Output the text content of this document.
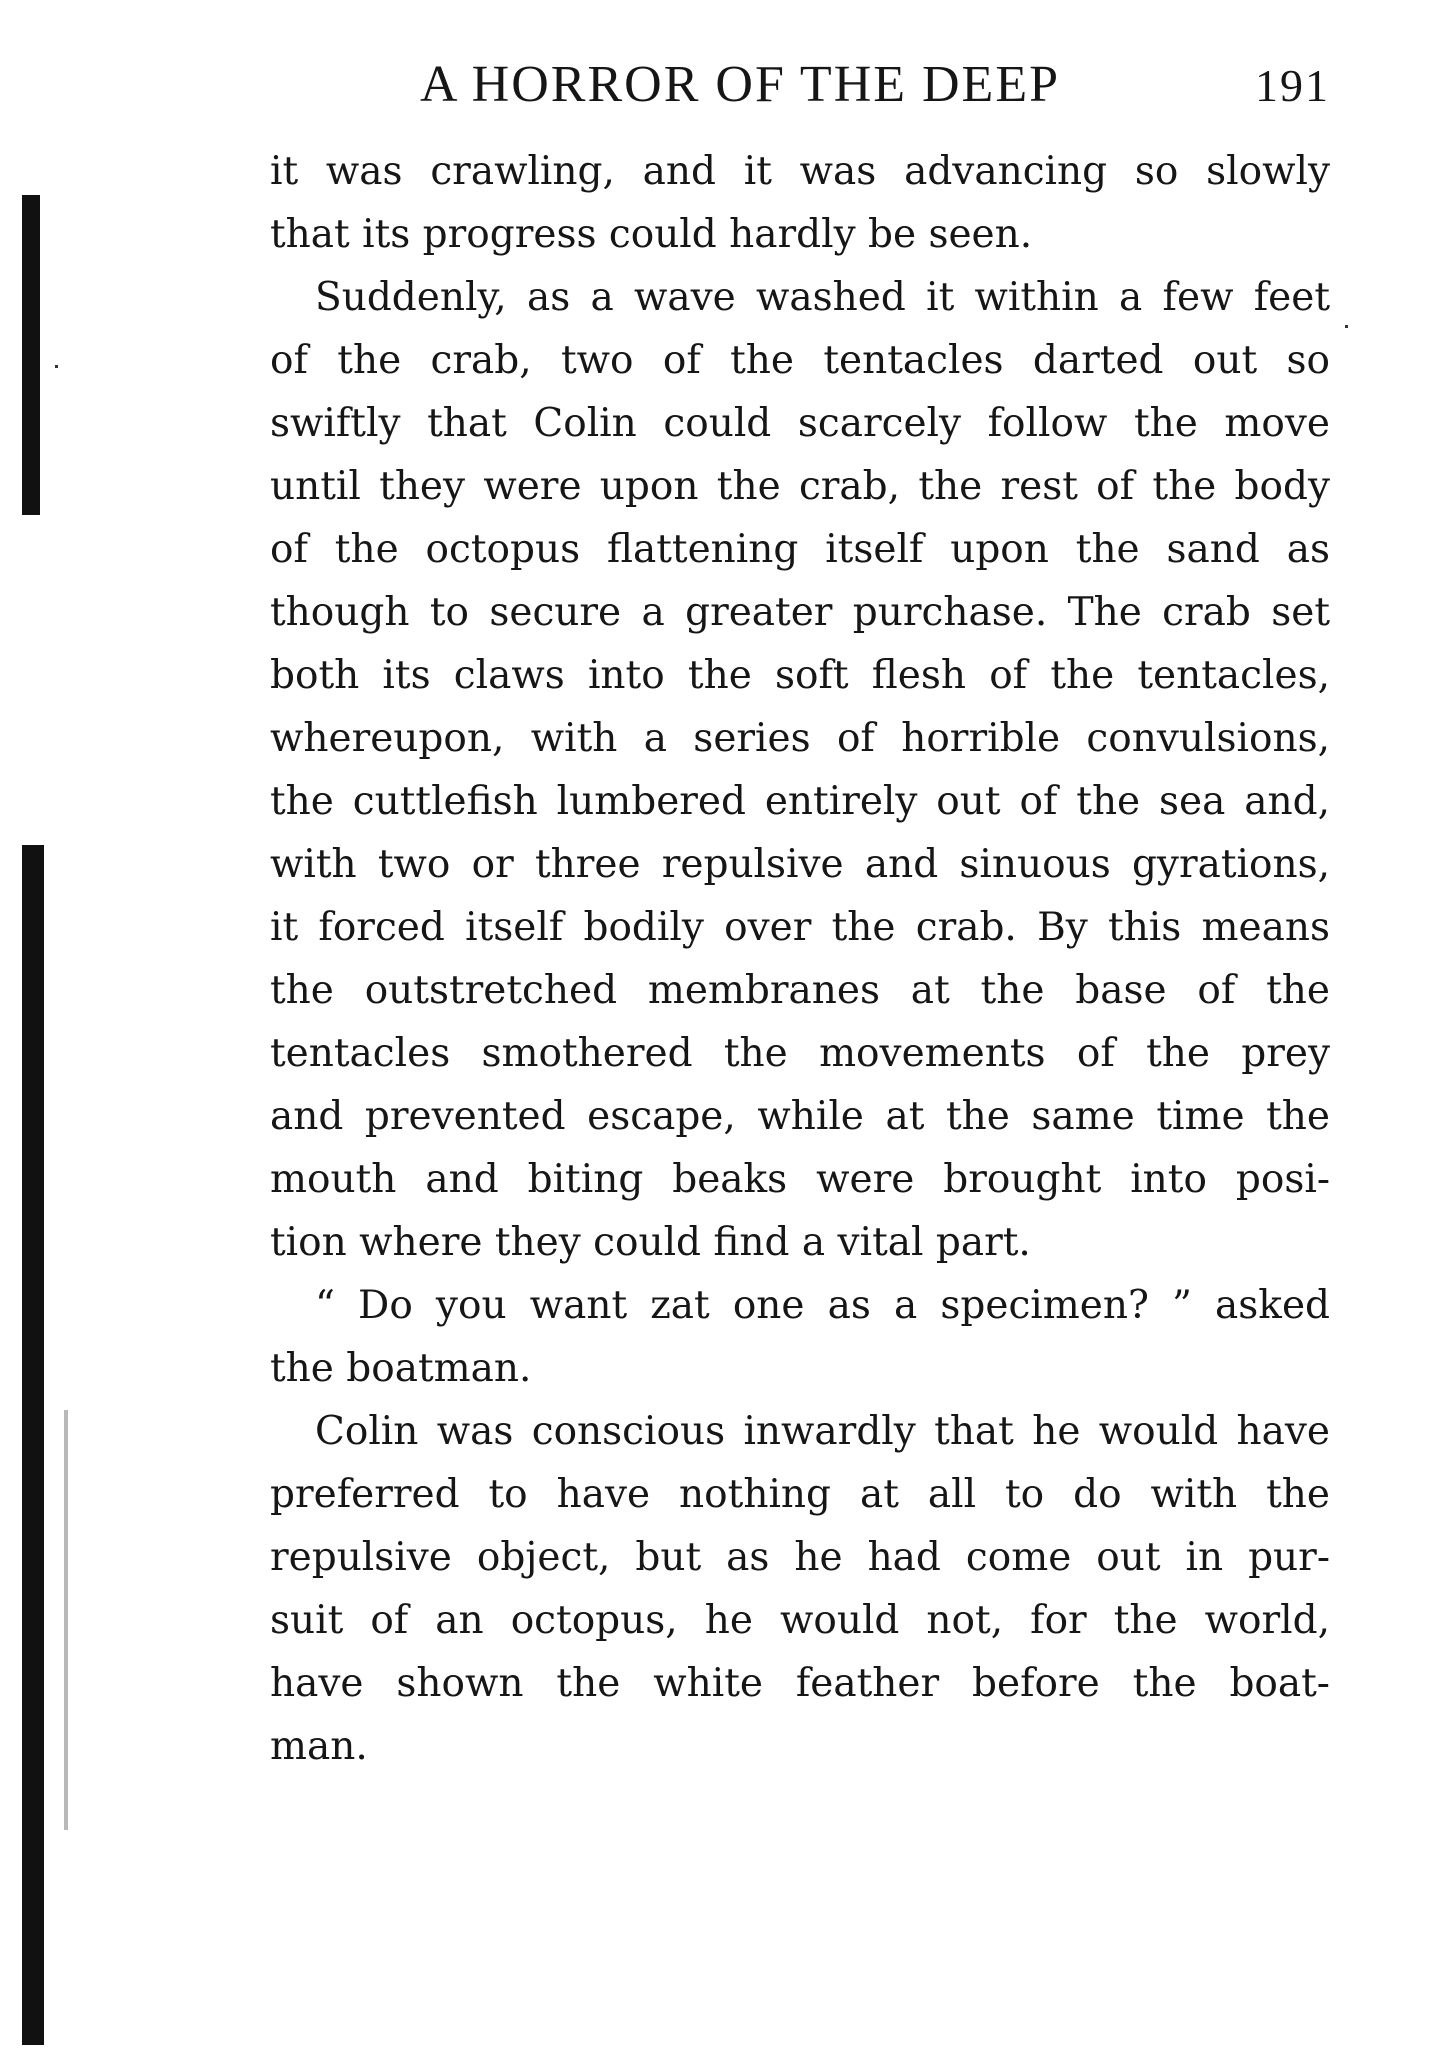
A HORROR OF THE DEEP	191
it was crawling, and it was advancing so slowly
that its progress could hardly be seen.
Suddenly, as a wave washed it within a few feet
of the crab, two of the tentacles darted out so
swiftly that Colin could scarcely follow the move
until they were upon the crab, the rest of the body
of the octopus flattening itself upon the sand as
though to secure a greater purchase. The crab set
both its claws into the soft flesh of the tentacles,
whereupon, with a series of horrible convulsions,
the cuttlefish lumbered entirely out of the sea and,
with two or three repulsive and sinuous gyrations,
it forced itself bodily over the crab. By this means
the outstretched membranes at the base of the
tentacles smothered the movements of the prey
and prevented escape, while at the same time the
mouth and biting beaks were brought into posi-
tion where they could find a vital part.
“ Do you want zat one as a specimen? ” asked
the boatman.
Colin was conscious inwardly that he would have
preferred to have nothing at all to do with the
repulsive object, but as he had come out in pur-
suit of an octopus, he would not, for the world,
have shown the white feather before the boat-
man.
